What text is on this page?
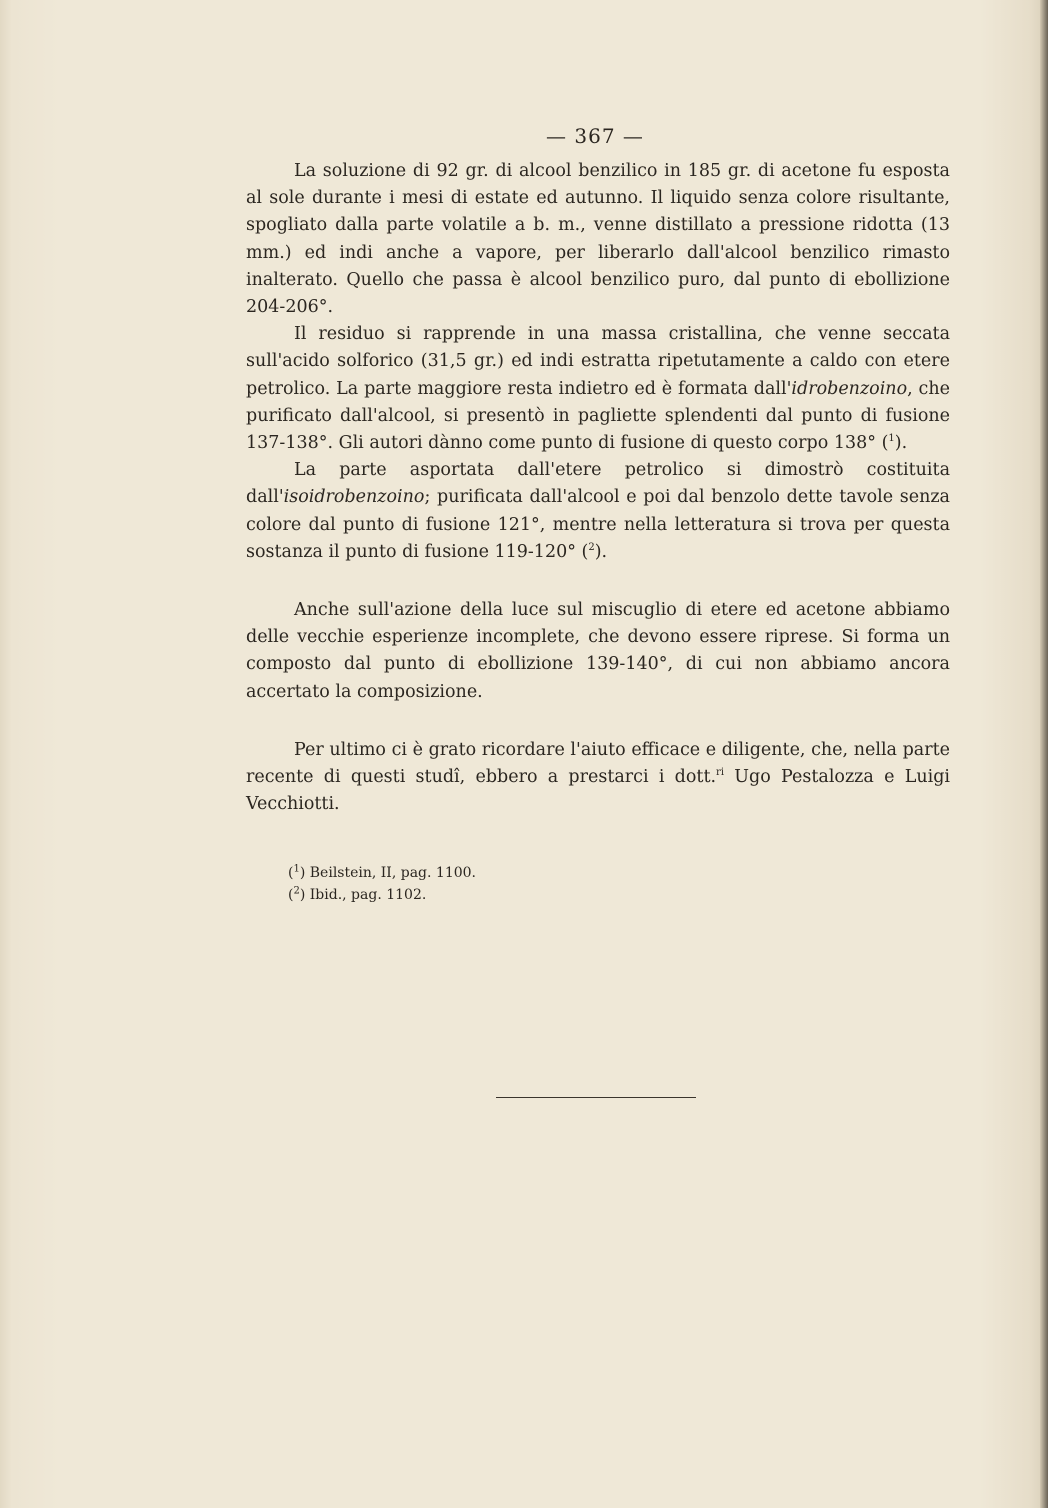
— 367 —

La soluzione di 92 gr. di alcool benzilico in 185 gr. di acetone fu esposta al sole durante i mesi di estate ed autunno. Il liquido senza colore risultante, spogliato dalla parte volatile a b. m., venne distillato a pressione ridotta (13 mm.) ed indi anche a vapore, per liberarlo dall'alcool benzilico rimasto inalterato. Quello che passa è alcool benzilico puro, dal punto di ebollizione 204-206°.

Il residuo si rapprende in una massa cristallina, che venne seccata sull'acido solforico (31,5 gr.) ed indi estratta ripetutamente a caldo con etere petrolico. La parte maggiore resta indietro ed è formata dall'idrobenzoino, che purificato dall'alcool, si presentò in pagliette splendenti dal punto di fusione 137-138°. Gli autori dànno come punto di fusione di questo corpo 138° ($^1$).

La parte asportata dall'etere petrolico si dimostrò costituita dall'isoidrobenzoino; purificata dall'alcool e poi dal benzolo dette tavole senza colore dal punto di fusione 121°, mentre nella letteratura si trova per questa sostanza il punto di fusione 119-120° ($^2$).

Anche sull'azione della luce sul miscuglio di etere ed acetone abbiamo delle vecchie esperienze incomplete, che devono essere riprese. Si forma un composto dal punto di ebollizione 139-140°, di cui non abbiamo ancora accertato la composizione.

Per ultimo ci è grato ricordare l'aiuto efficace e diligente, che, nella parte recente di questi studî, ebbero a prestarci i dott.$^{ri}$ Ugo Pestalozza e Luigi Vecchiotti.

($^1$) Beilstein, II, pag. 1100.

($^2$) Ibid., pag. 1102.
